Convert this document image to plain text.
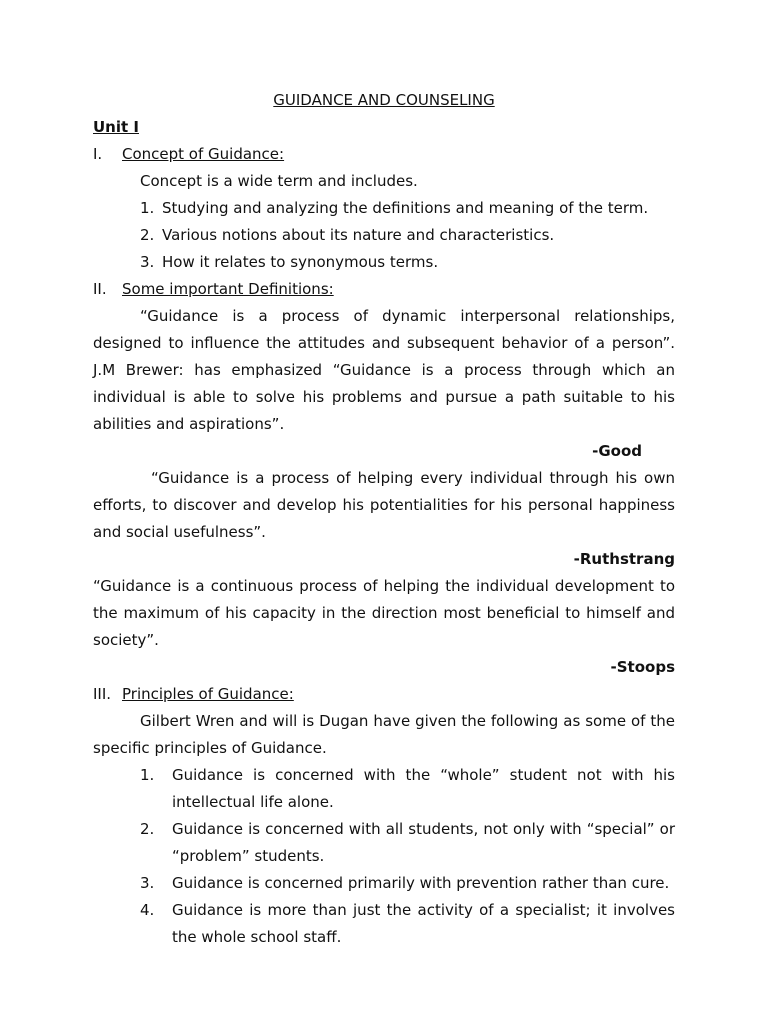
GUIDANCE AND COUNSELING
Unit I
I.	Concept of Guidance:
Concept is a wide term and includes.
1. Studying and analyzing the definitions and meaning of the term.
2. Various notions about its nature and characteristics.
3. How it relates to synonymous terms.
II.	Some important Definitions:
“Guidance is a process of dynamic interpersonal relationships, designed to influence the attitudes and subsequent behavior of a person”. J.M Brewer: has emphasized “Guidance is a process through which an individual is able to solve his problems and pursue a path suitable to his abilities and aspirations”.
-Good
“Guidance is a process of helping every individual through his own efforts, to discover and develop his potentialities for his personal happiness and social usefulness”.
-Ruthstrang
“Guidance is a continuous process of helping the individual development to the maximum of his capacity in the direction most beneficial to himself and society”.
-Stoops
III. Principles of Guidance:
Gilbert Wren and will is Dugan have given the following as some of the specific principles of Guidance.
1.	Guidance is concerned with the “whole” student not with his intellectual life alone.
2.	Guidance is concerned with all students, not only with “special” or “problem” students.
3.	Guidance is concerned primarily with prevention rather than cure.
4.	Guidance is more than just the activity of a specialist; it involves the whole school staff.
